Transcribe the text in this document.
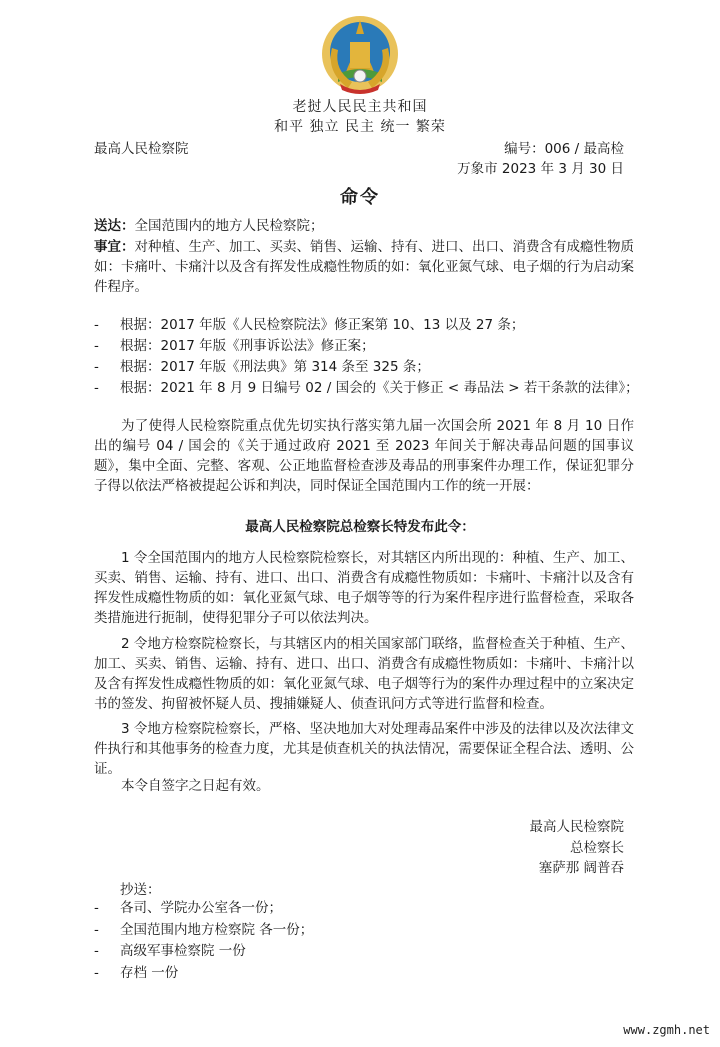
老挝人民民主共和国
和平 独立 民主 统一 繁荣
最高人民检察院	编号：006 / 最高检
万象市 2023 年 3 月 30 日
命令
送达：全国范围内的地方人民检察院；
事宜：对种植、生产、加工、买卖、销售、运输、持有、进口、出口、消费含有成瘾性物质如：卡痛叶、卡痛汁以及含有挥发性成瘾性物质的如：氧化亚氮气球、电子烟的行为启动案件程序。
-	根据：2017 年版《人民检察院法》修正案第 10、13 以及 27 条；
-	根据：2017 年版《刑事诉讼法》修正案；
-	根据：2017 年版《刑法典》第 314 条至 325 条；
-	根据：2021 年 8 月 9 日编号 02 / 国会的《关于修正 < 毒品法 > 若干条款的法律》；
为了使得人民检察院重点优先切实执行落实第九届一次国会所 2021 年 8 月 10 日作出的编号 04 / 国会的《关于通过政府 2021 至 2023 年间关于解决毒品问题的国事议题》，集中全面、完整、客观、公正地监督检查涉及毒品的刑事案件办理工作，保证犯罪分子得以依法严格被提起公诉和判决，同时保证全国范围内工作的统一开展：
最高人民检察院总检察长特发布此令：
1 令全国范围内的地方人民检察院检察长，对其辖区内所出现的：种植、生产、加工、买卖、销售、运输、持有、进口、出口、消费含有成瘾性物质如：卡痛叶、卡痛汁以及含有挥发性成瘾性物质的如：氧化亚氮气球、电子烟等等的行为案件程序进行监督检查，采取各类措施进行扼制，使得犯罪分子可以依法判决。
2 令地方检察院检察长，与其辖区内的相关国家部门联络，监督检查关于种植、生产、加工、买卖、销售、运输、持有、进口、出口、消费含有成瘾性物质如：卡痛叶、卡痛汁以及含有挥发性成瘾性物质的如：氧化亚氮气球、电子烟等行为的案件办理过程中的立案决定书的签发、拘留被怀疑人员、搜捕嫌疑人、侦查讯问方式等进行监督和检查。
3 令地方检察院检察长，严格、坚决地加大对处理毒品案件中涉及的法律以及次法律文件执行和其他事务的检查力度，尤其是侦查机关的执法情况，需要保证全程合法、透明、公证。
本令自签字之日起有效。
最高人民检察院
总检察长
塞萨那 阔普吞
抄送：
-	各司、学院办公室各一份；
-	全国范围内地方检察院 各一份；
-	高级军事检察院 一份
-	存档 一份
www.zgmh.net
